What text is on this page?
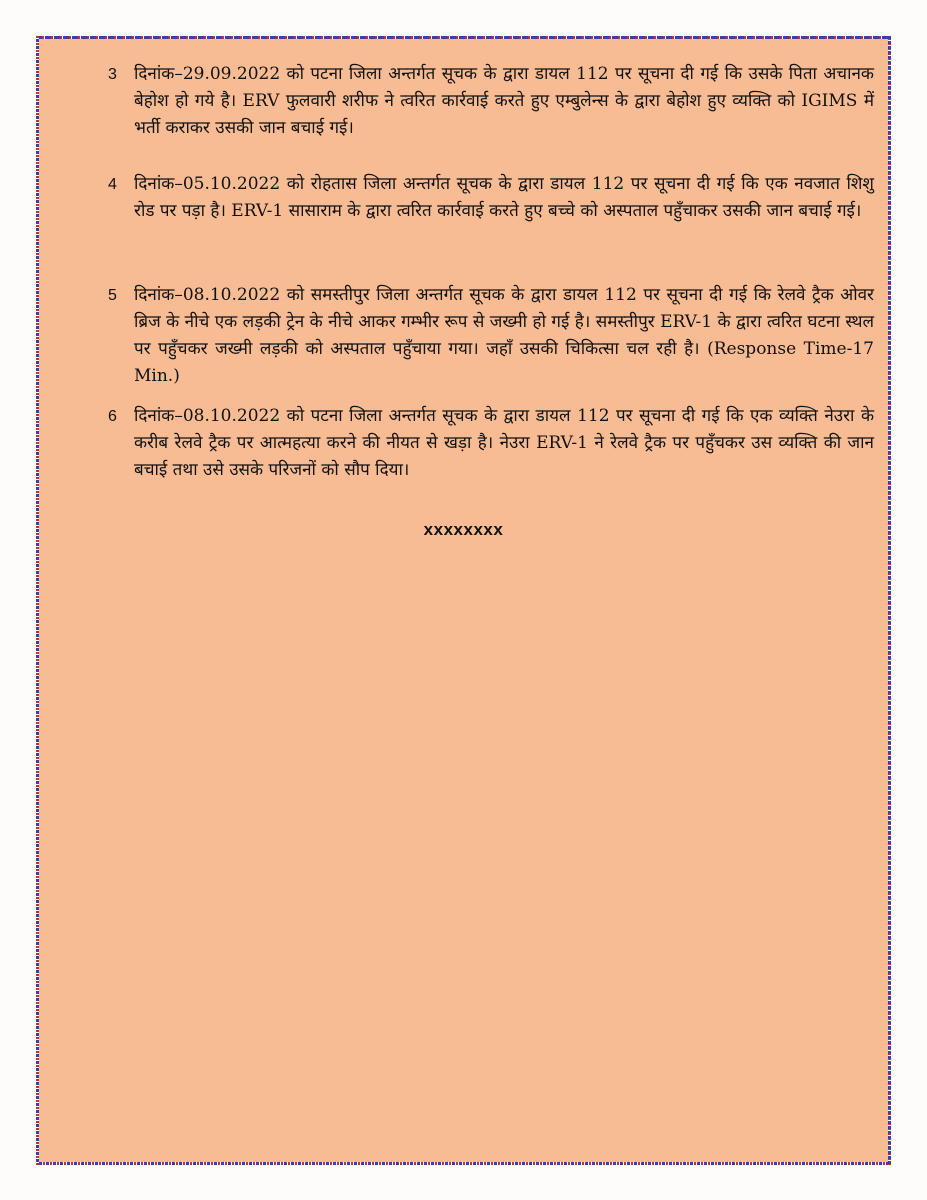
3 दिनांक–29.09.2022 को पटना जिला अन्तर्गत सूचक के द्वारा डायल 112 पर सूचना दी गई कि उसके पिता अचानक बेहोश हो गये है। ERV फुलवारी शरीफ ने त्वरित कार्रवाई करते हुए एम्बुलेन्स के द्वारा बेहोश हुए व्यक्ति को IGIMS में भर्ती कराकर उसकी जान बचाई गई।
4 दिनांक–05.10.2022 को रोहतास जिला अन्तर्गत सूचक के द्वारा डायल 112 पर सूचना दी गई कि एक नवजात शिशु रोड पर पड़ा है। ERV-1 सासाराम के द्वारा त्वरित कार्रवाई करते हुए बच्चे को अस्पताल पहुँचाकर उसकी जान बचाई गई।
5 दिनांक–08.10.2022 को समस्तीपुर जिला अन्तर्गत सूचक के द्वारा डायल 112 पर सूचना दी गई कि रेलवे ट्रैक ओवर ब्रिज के नीचे एक लड़की ट्रेन के नीचे आकर गम्भीर रूप से जख्मी हो गई है। समस्तीपुर ERV-1 के द्वारा त्वरित घटना स्थल पर पहुँचकर जख्मी लड़की को अस्पताल पहुँचाया गया। जहाँ उसकी चिकित्सा चल रही है। (Response Time-17 Min.)
6 दिनांक–08.10.2022 को पटना जिला अन्तर्गत सूचक के द्वारा डायल 112 पर सूचना दी गई कि एक व्यक्ति नेउरा के करीब रेलवे ट्रैक पर आत्महत्या करने की नीयत से खड़ा है। नेउरा ERV-1 ने रेलवे ट्रैक पर पहुँचकर उस व्यक्ति की जान बचाई तथा उसे उसके परिजनों को सौप दिया।
xxxxxxxx
